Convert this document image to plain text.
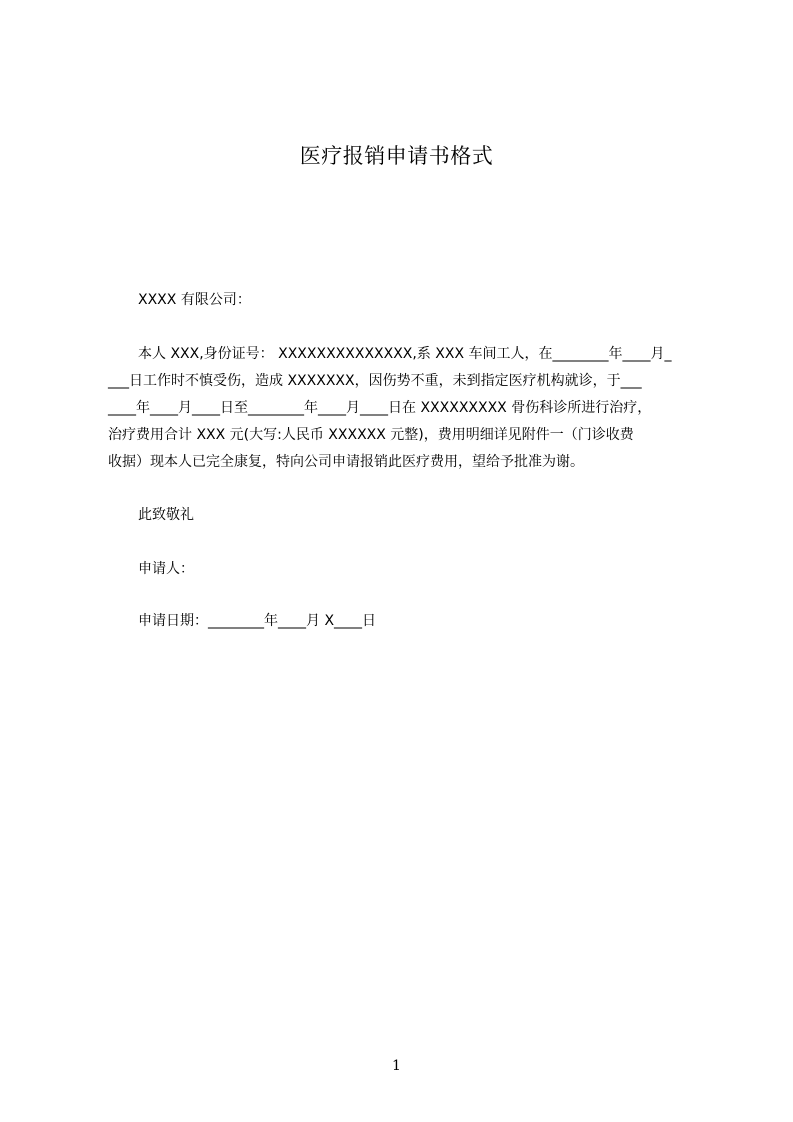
医疗报销申请书格式
XXXX 有限公司：
本人 XXX,身份证号： XXXXXXXXXXXXXX,系 XXX 车间工人，在________年____月_
___日工作时不慎受伤，造成 XXXXXXX，因伤势不重，未到指定医疗机构就诊，于___
____年____月____日至________年____月____日在 XXXXXXXXX 骨伤科诊所进行治疗，
治疗费用合计 XXX 元(大写:人民币 XXXXXX 元整)，费用明细详见附件一（门诊收费
收据）现本人已完全康复，特向公司申请报销此医疗费用，望给予批准为谢。
此致敬礼
申请人：
申请日期：________年____月 X____日
1
